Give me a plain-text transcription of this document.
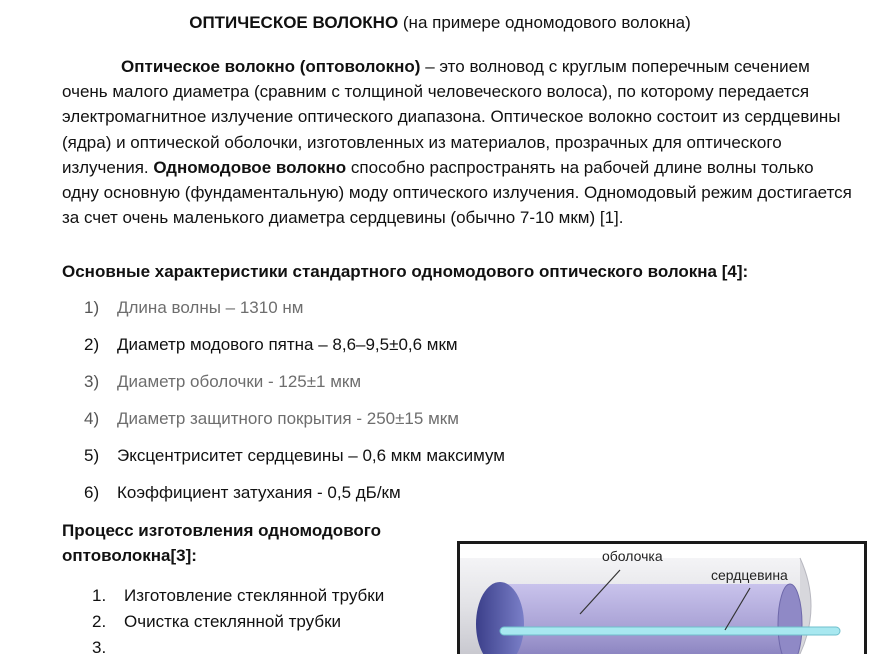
ОПТИЧЕСКОЕ ВОЛОКНО (на примере одномодового волокна)

Оптическое волокно (оптоволокно) – это волновод с круглым поперечным сечением очень малого диаметра (сравним с толщиной человеческого волоса), по которому передается электромагнитное излучение оптического диапазона. Оптическое волокно состоит из сердцевины (ядра) и оптической оболочки, изготовленных из материалов, прозрачных для оптического излучения. Одномодовое волокно способно распространять на рабочей длине волны только одну основную (фундаментальную) моду оптического излучения. Одномодовый режим достигается за счет очень маленького диаметра сердцевины (обычно 7-10 мкм) [1].

Основные характеристики стандартного одномодового оптического волокна [4]:

1) Длина волны – 1310 нм
2) Диаметр модового пятна – 8,6–9,5±0,6 мкм
3) Диаметр оболочки - 125±1 мкм
4) Диаметр защитного покрытия - 250±15 мкм
5) Эксцентриситет сердцевины – 0,6 мкм максимум
6) Коэффициент затухания - 0,5 дБ/км

Процесс изготовления одномодового оптоволокна[3]:

1. Изготовление стеклянной трубки
2. Очистка стеклянной трубки
3.
оболочка
сердцевина
